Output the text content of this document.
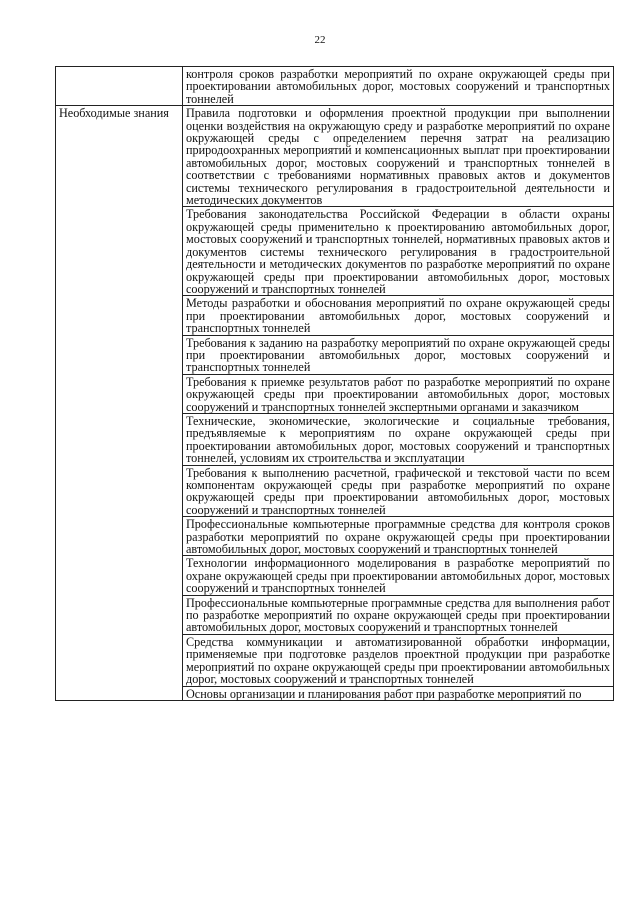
22
	контроля сроков разработки мероприятий по охране окружающей среды при проектировании автомобильных дорог, мостовых сооружений и транспортных тоннелей

Необходимые знания	Правила подготовки и оформления проектной продукции при выполнении оценки воздействия на окружающую среду и разработке мероприятий по охране окружающей среды с определением перечня затрат на реализацию природоохранных мероприятий и компенсационных выплат при проектировании автомобильных дорог, мостовых сооружений и транспортных тоннелей в соответствии с требованиями нормативных правовых актов и документов системы технического регулирования в градостроительной деятельности и методических документов
	Требования законодательства Российской Федерации в области охраны окружающей среды применительно к проектированию автомобильных дорог, мостовых сооружений и транспортных тоннелей, нормативных правовых актов и документов системы технического регулирования в градостроительной деятельности и методических документов по разработке мероприятий по охране окружающей среды при проектировании автомобильных дорог, мостовых сооружений и транспортных тоннелей
	Методы разработки и обоснования мероприятий по охране окружающей среды при проектировании автомобильных дорог, мостовых сооружений и транспортных тоннелей
	Требования к заданию на разработку мероприятий по охране окружающей среды при проектировании автомобильных дорог, мостовых сооружений и транспортных тоннелей
	Требования к приемке результатов работ по разработке мероприятий по охране окружающей среды при проектировании автомобильных дорог, мостовых сооружений и транспортных тоннелей экспертными органами и заказчиком
	Технические, экономические, экологические и социальные требования, предъявляемые к мероприятиям по охране окружающей среды при проектировании автомобильных дорог, мостовых сооружений и транспортных тоннелей, условиям их строительства и эксплуатации
	Требования к выполнению расчетной, графической и текстовой части по всем компонентам окружающей среды при разработке мероприятий по охране окружающей среды при проектировании автомобильных дорог, мостовых сооружений и транспортных тоннелей
	Профессиональные компьютерные программные средства для контроля сроков разработки мероприятий по охране окружающей среды при проектировании автомобильных дорог, мостовых сооружений и транспортных тоннелей
	Технологии информационного моделирования в разработке мероприятий по охране окружающей среды при проектировании автомобильных дорог, мостовых сооружений и транспортных тоннелей
	Профессиональные компьютерные программные средства для выполнения работ по разработке мероприятий по охране окружающей среды при проектировании автомобильных дорог, мостовых сооружений и транспортных тоннелей
	Средства коммуникации и автоматизированной обработки информации, применяемые при подготовке разделов проектной продукции при разработке мероприятий по охране окружающей среды при проектировании автомобильных дорог, мостовых сооружений и транспортных тоннелей
	Основы организации и планирования работ при разработке мероприятий по
